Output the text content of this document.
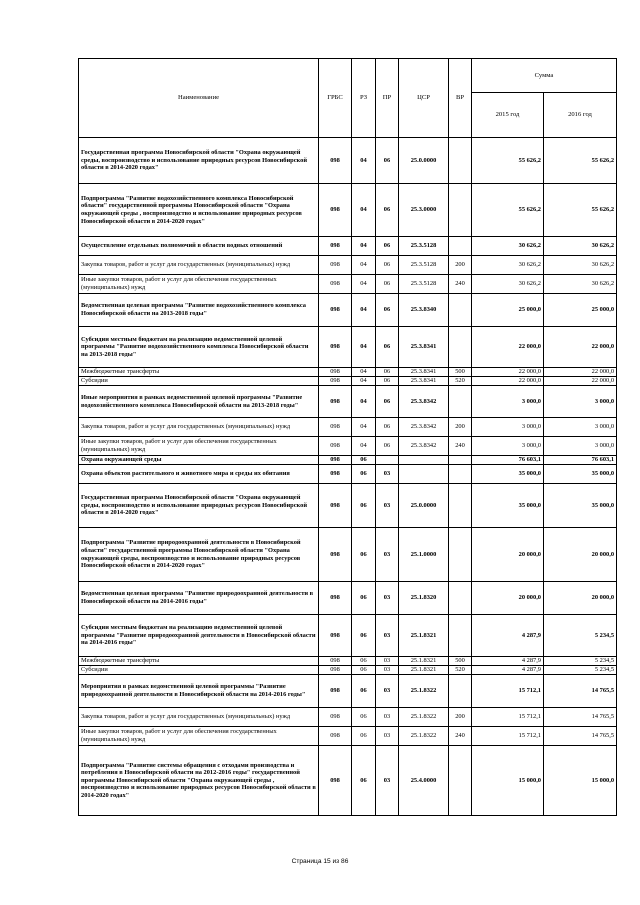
Наименование	ГРБС	РЗ	ПР	ЦСР	ВР	Сумма	
						2015 год	2016 год
Государственная программа Новосибирской области "Охрана окружающей среды, воспроизводство и использование природных ресурсов Новосибирской области в 2014-2020 годах"	098	04	06	25.0.0000		55 626,2	55 626,2
Подпрограмма "Развитие водохозяйственного комплекса Новосибирской области" государственной программы Новосибирской области "Охрана окружающей среды , воспроизводство и использование природных ресурсов Новосибирской области в 2014-2020 годах"	098	04	06	25.3.0000		55 626,2	55 626,2
Осуществление отдельных полномочий в области водных отношений	098	04	06	25.3.5128		30 626,2	30 626,2
Закупка товаров, работ и услуг для государственных (муниципальных) нужд	098	04	06	25.3.5128	200	30 626,2	30 626,2
Иные закупки товаров, работ и услуг для обеспечения государственных (муниципальных) нужд	098	04	06	25.3.5128	240	30 626,2	30 626,2
Ведомственная целевая программа "Развитие водохозяйственного комплекса Новосибирской области на 2013-2018 годы"	098	04	06	25.3.8340		25 000,0	25 000,0
Субсидии местным бюджетам на реализацию ведомственной целевой программы "Развитие водохозяйственного комплекса Новосибирской области на 2013-2018 годы"	098	04	06	25.3.8341		22 000,0	22 000,0
Межбюджетные трансферты	098	04	06	25.3.8341	500	22 000,0	22 000,0
Субсидии	098	04	06	25.3.8341	520	22 000,0	22 000,0
Иные мероприятия в рамках ведомственной целевой программы "Развитие водохозяйственного комплекса Новосибирской области на 2013-2018 годы"	098	04	06	25.3.8342		3 000,0	3 000,0
Закупка товаров, работ и услуг для государственных (муниципальных) нужд	098	04	06	25.3.8342	200	3 000,0	3 000,0
Иные закупки товаров, работ и услуг для обеспечения государственных (муниципальных) нужд	098	04	06	25.3.8342	240	3 000,0	3 000,0
Охрана окружающей среды	098	06				76 603,1	76 603,1
Охрана объектов растительного и животного мира и среды их обитания	098	06	03			35 000,0	35 000,0
Государственная программа Новосибирской области "Охрана окружающей среды, воспроизводство и использование природных ресурсов Новосибирской области в 2014-2020 годах"	098	06	03	25.0.0000		35 000,0	35 000,0
Подпрограмма "Развитие природоохранной деятельности в Новосибирской области" государственной программы Новосибирской области "Охрана окружающей среды, воспроизводство и использование природных ресурсов Новосибирской области в 2014-2020 годах"	098	06	03	25.1.0000		20 000,0	20 000,0
Ведомственная целевая программа "Развитие природоохранной деятельности в Новосибирской области на 2014-2016 годы"	098	06	03	25.1.8320		20 000,0	20 000,0
Субсидии местным бюджетам на реализацию ведомственной целевой программы "Развитие природоохранной деятельности в Новосибирской области на 2014-2016 годы"	098	06	03	25.1.8321		4 287,9	5 234,5
Межбюджетные трансферты	098	06	03	25.1.8321	500	4 287,9	5 234,5
Субсидии	098	06	03	25.1.8321	520	4 287,9	5 234,5
Мероприятия в рамках ведомственной целевой программы "Развитие природоохранной деятельности в Новосибирской области на 2014-2016 годы"	098	06	03	25.1.8322		15 712,1	14 765,5
Закупка товаров, работ и услуг для государственных (муниципальных) нужд	098	06	03	25.1.8322	200	15 712,1	14 765,5
Иные закупки товаров, работ и услуг для обеспечения государственных (муниципальных) нужд	098	06	03	25.1.8322	240	15 712,1	14 765,5
Подпрограмма "Развитие системы обращения с отходами производства и потребления в Новосибирской области на 2012-2016 годы" государственной программы Новосибирской области "Охрана окружающей среды , воспроизводство и использование природных ресурсов Новосибирской области в 2014-2020 годах"	098	06	03	25.4.0000		15 000,0	15 000,0
Страница 15 из 86
